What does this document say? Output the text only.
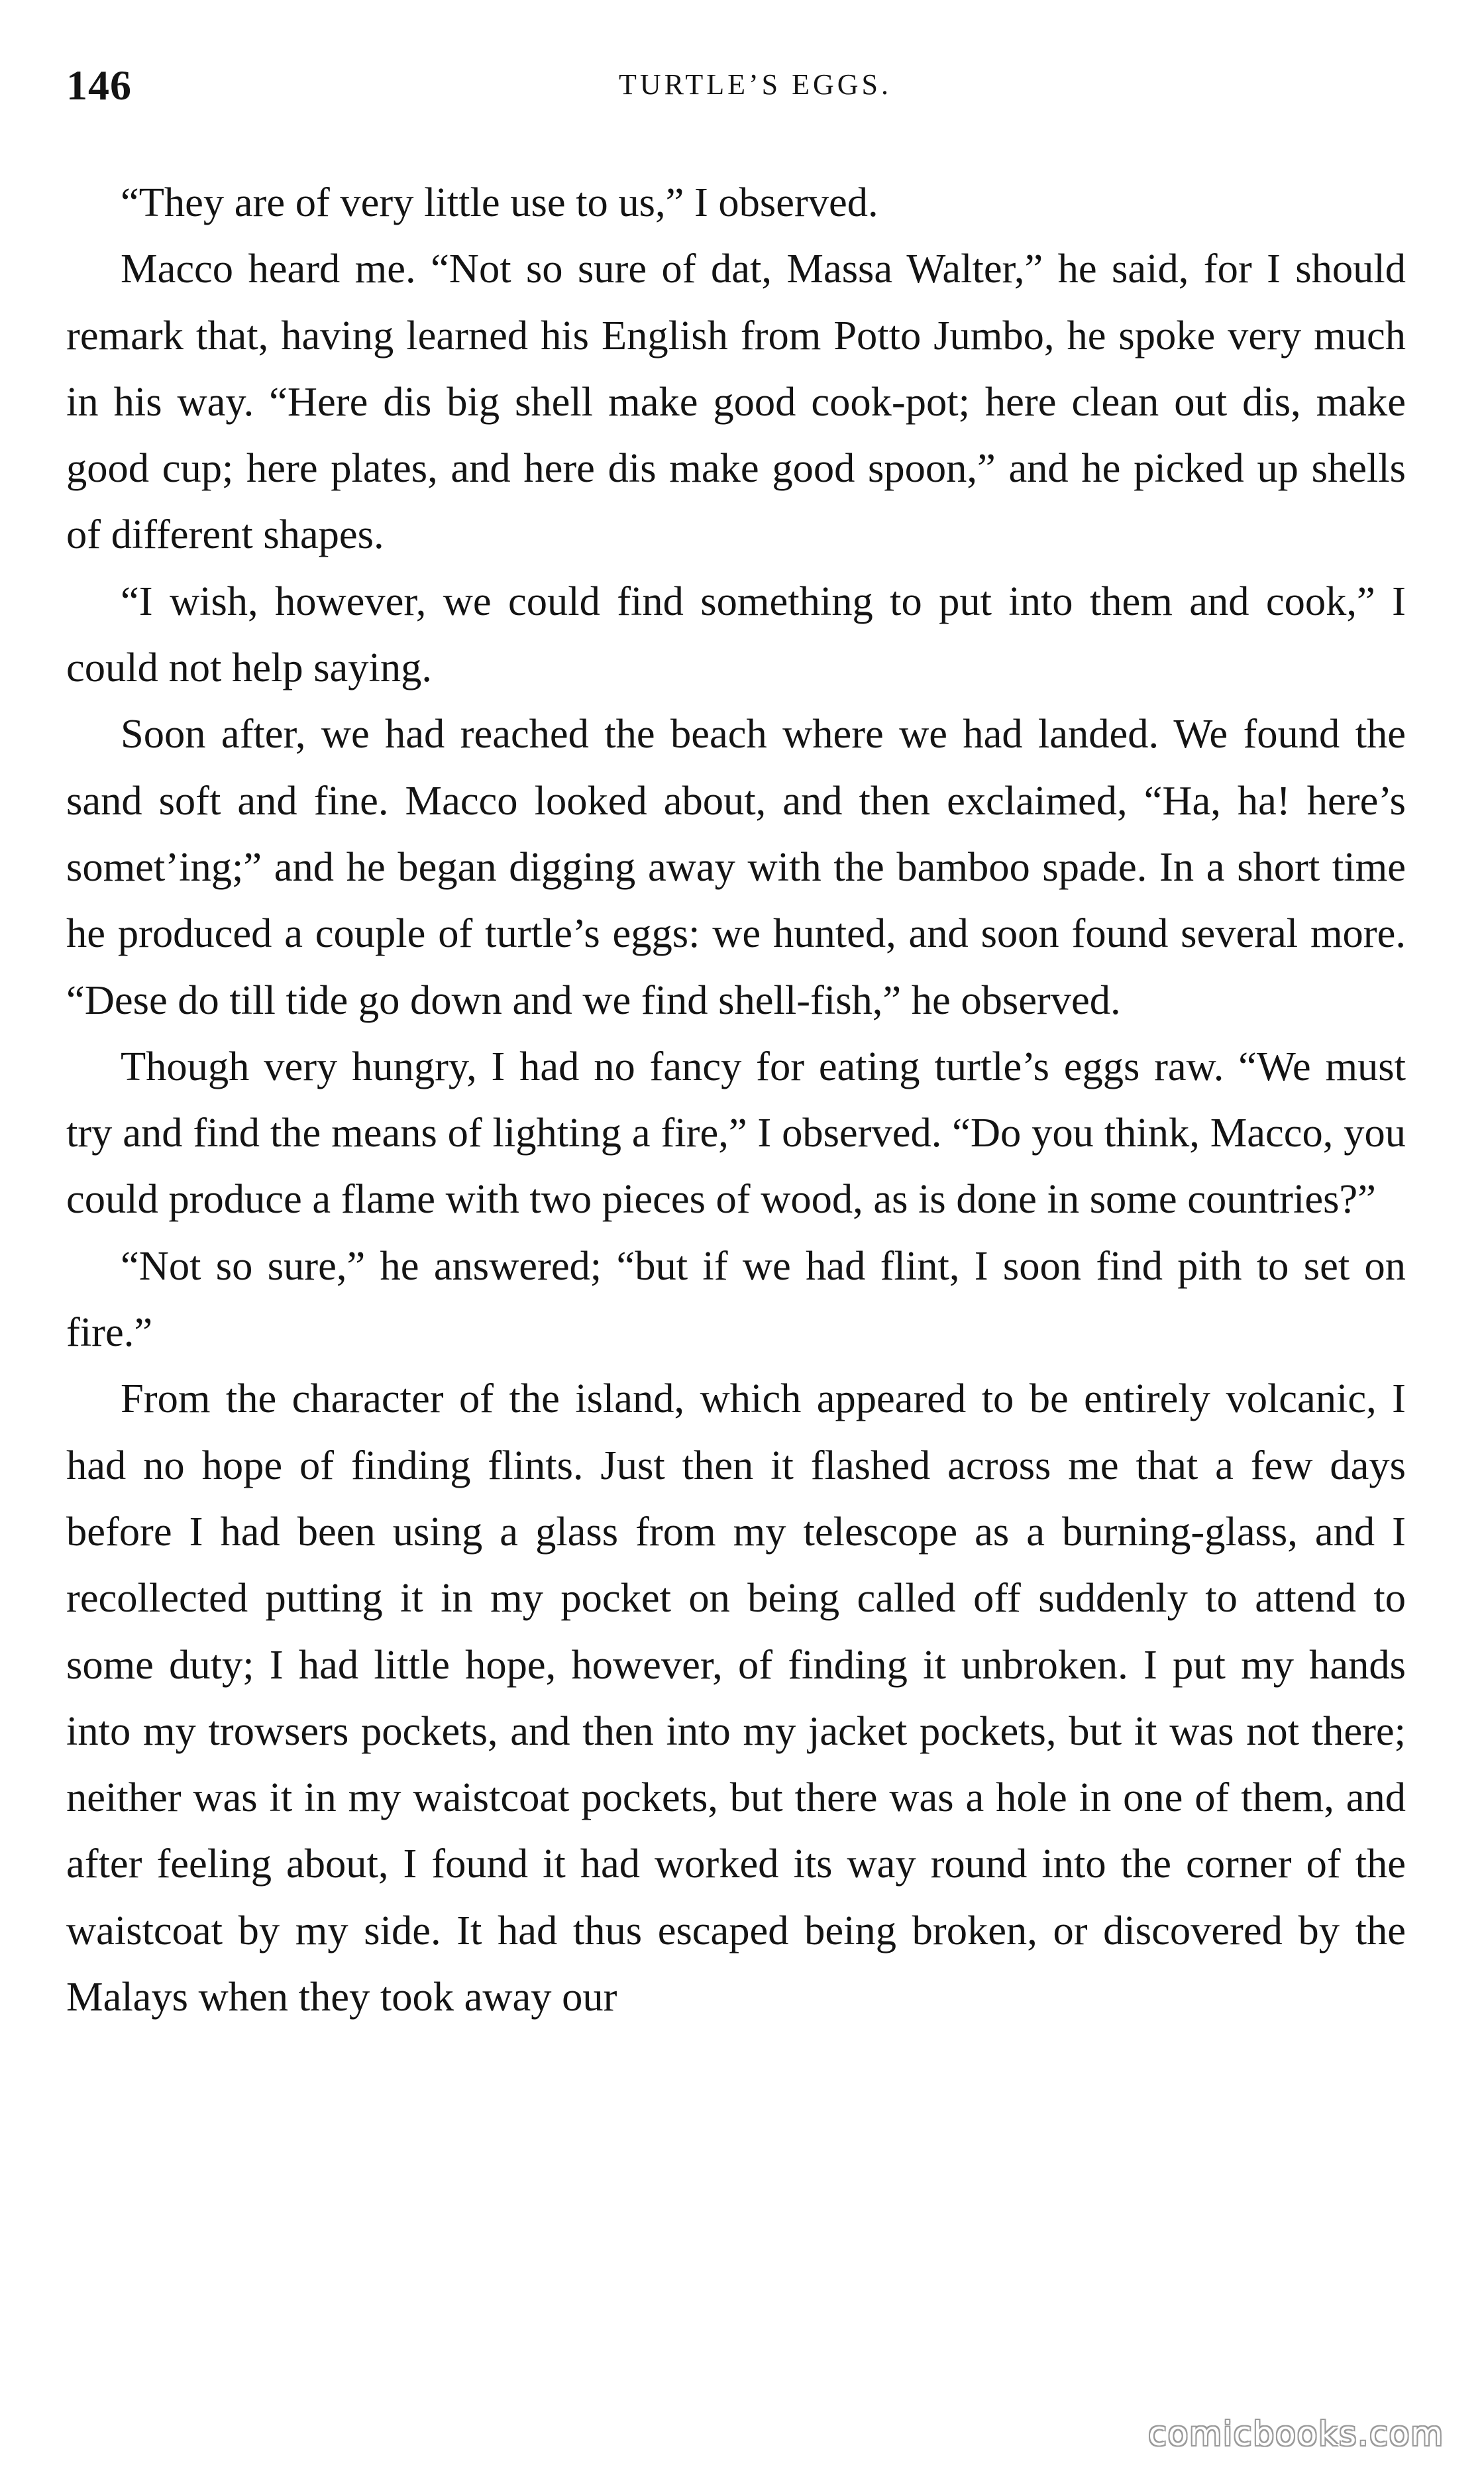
146	TURTLE’S EGGS.

“They are of very little use to us,” I observed.

Macco heard me. “Not so sure of dat, Massa Walter,” he said, for I should remark that, having learned his English from Potto Jumbo, he spoke very much in his way. “Here dis big shell make good cook-pot; here clean out dis, make good cup; here plates, and here dis make good spoon,” and he picked up shells of different shapes.

“I wish, however, we could find something to put into them and cook,” I could not help saying.

Soon after, we had reached the beach where we had landed. We found the sand soft and fine. Macco looked about, and then exclaimed, “Ha, ha! here’s somet’ing;” and he began digging away with the bamboo spade. In a short time he produced a couple of turtle’s eggs: we hunted, and soon found several more. “Dese do till tide go down and we find shell-fish,” he observed.

Though very hungry, I had no fancy for eating turtle’s eggs raw. “We must try and find the means of lighting a fire,” I observed. “Do you think, Macco, you could produce a flame with two pieces of wood, as is done in some countries?”

“Not so sure,” he answered; “but if we had flint, I soon find pith to set on fire.”

From the character of the island, which appeared to be entirely volcanic, I had no hope of finding flints. Just then it flashed across me that a few days before I had been using a glass from my telescope as a burning-glass, and I recollected putting it in my pocket on being called off suddenly to attend to some duty; I had little hope, however, of finding it unbroken. I put my hands into my trowsers pockets, and then into my jacket pockets, but it was not there; neither was it in my waistcoat pockets, but there was a hole in one of them, and after feeling about, I found it had worked its way round into the corner of the waistcoat by my side. It had thus escaped being broken, or discovered by the Malays when they took away our

comicbooks.com
